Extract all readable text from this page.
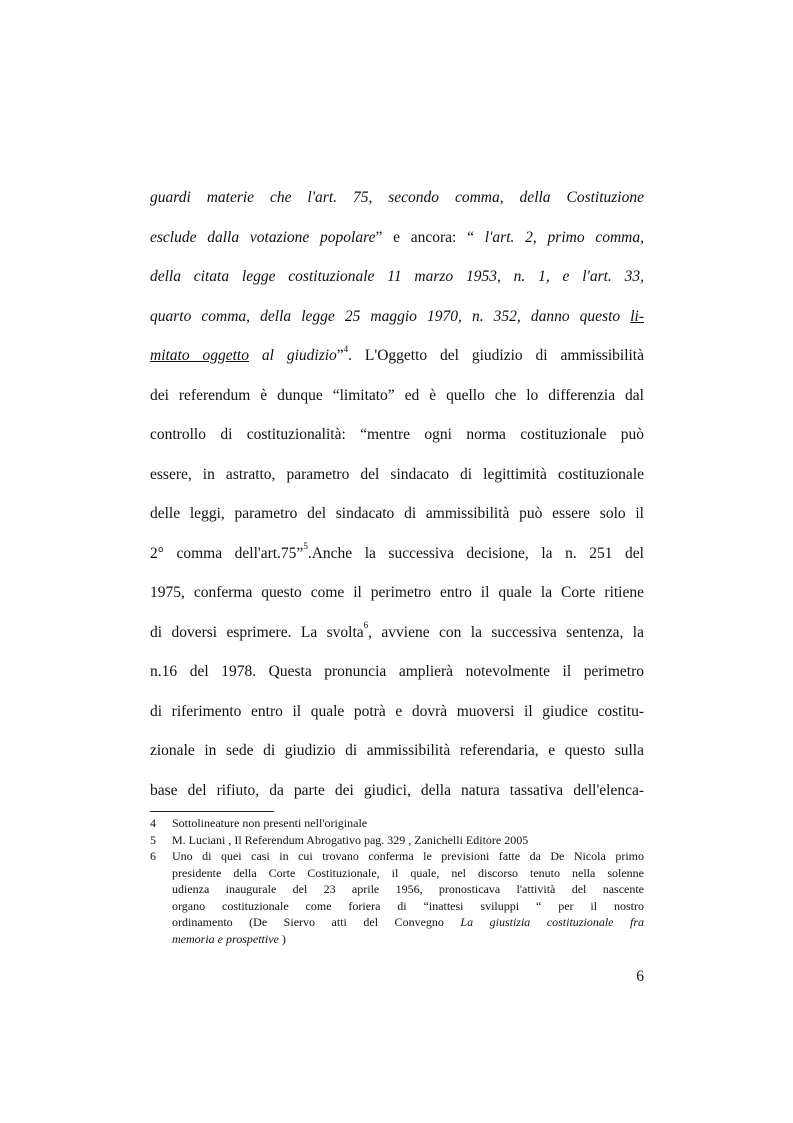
guardi materie che l'art. 75, secondo comma, della Costituzione
esclude dalla votazione popolare” e ancora: “ l'art. 2, primo comma,
della citata legge costituzionale 11 marzo 1953, n. 1, e l'art. 33,
quarto comma, della legge 25 maggio 1970, n. 352, danno questo li-
mitato oggetto al giudizio”$^4$. L'Oggetto del giudizio di ammissibilità
dei referendum è dunque “limitato” ed è quello che lo differenzia dal
controllo di costituzionalità: “mentre ogni norma costituzionale può
essere, in astratto, parametro del sindacato di legittimità costituzionale
delle leggi, parametro del sindacato di ammissibilità può essere solo il
2° comma dell'art.75”$^5$.Anche la successiva decisione, la n. 251 del
1975, conferma questo come il perimetro entro il quale la Corte ritiene
di doversi esprimere. La svolta$^6$, avviene con la successiva sentenza, la
n.16 del 1978. Questa pronuncia amplierà notevolmente il perimetro
di riferimento entro il quale potrà e dovrà muoversi il giudice costitu-
zionale in sede di giudizio di ammissibilità referendaria, e questo sulla
base del rifiuto, da parte dei giudici, della natura tassativa dell'elenca-
4	Sottolineature non presenti nell'originale
5	M. Luciani , Il Referendum Abrogativo pag. 329 , Zanichelli Editore 2005
6	Uno di quei casi in cui trovano conferma le previsioni fatte da De Nicola primo
presidente della Corte Costituzionale, il quale, nel discorso tenuto nella solenne
udienza inaugurale del 23 aprile 1956, pronosticava l'attività del nascente
organo costituzionale come foriera di “inattesi sviluppi “ per il nostro
ordinamento (De Siervo atti del Convegno La giustizia costituzionale fra
memoria e prospettive )
6
